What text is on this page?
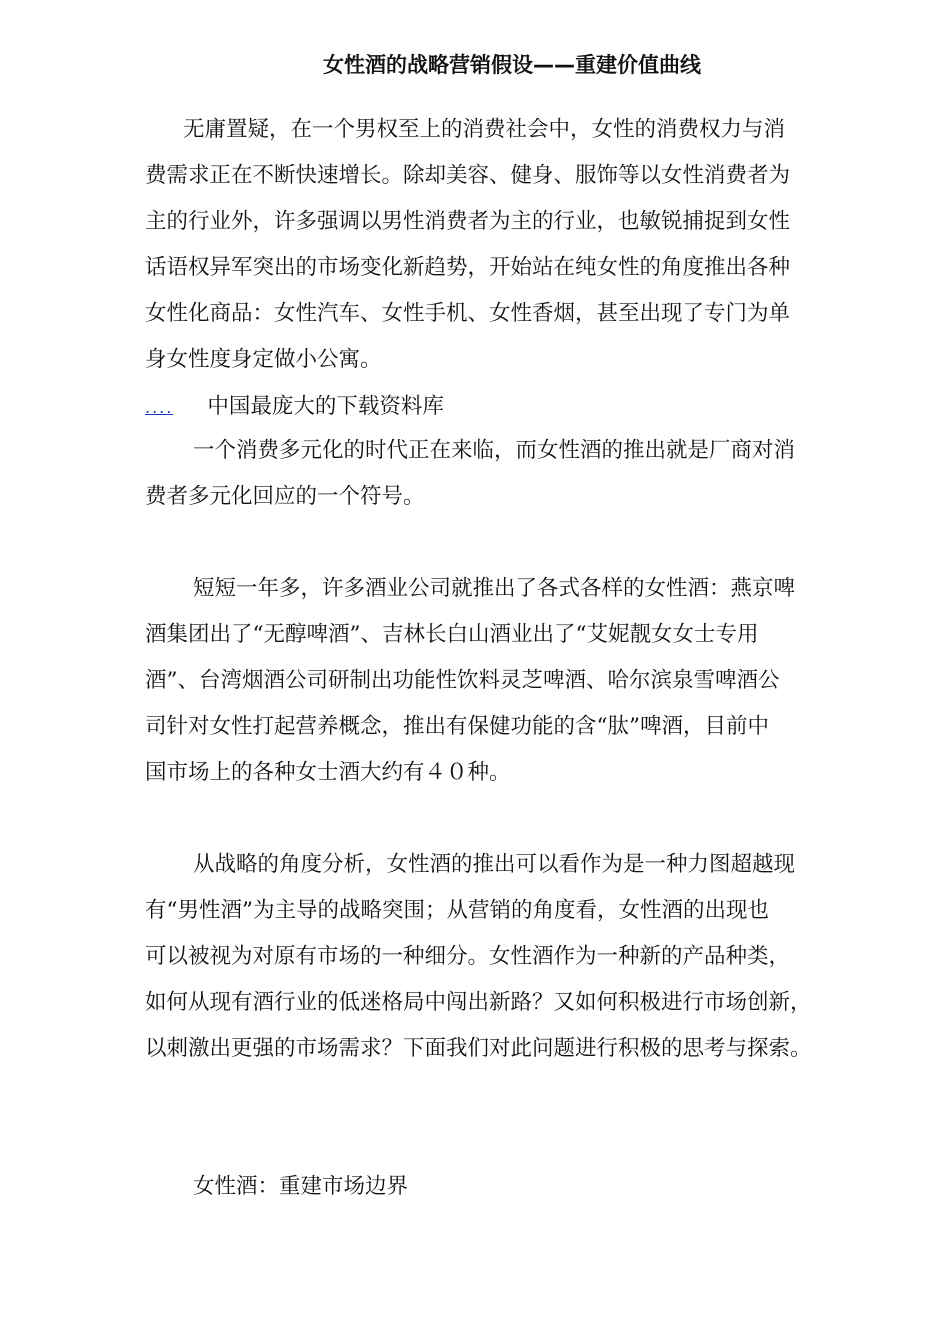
女性酒的战略营销假设——重建价值曲线
无庸置疑，在一个男权至上的消费社会中，女性的消费权力与消
费需求正在不断快速增长。除却美容、健身、服饰等以女性消费者为
主的行业外，许多强调以男性消费者为主的行业，也敏锐捕捉到女性
话语权异军突出的市场变化新趋势，开始站在纯女性的角度推出各种
女性化商品：女性汽车、女性手机、女性香烟，甚至出现了专门为单
身女性度身定做小公寓。
.... 中国最庞大的下载资料库
一个消费多元化的时代正在来临，而女性酒的推出就是厂商对消
费者多元化回应的一个符号。
短短一年多，许多酒业公司就推出了各式各样的女性酒：燕京啤
酒集团出了“无醇啤酒”、吉林长白山酒业出了“艾妮靓女女士专用
酒”、台湾烟酒公司研制出功能性饮料灵芝啤酒、哈尔滨泉雪啤酒公
司针对女性打起营养概念，推出有保健功能的含“肽”啤酒，目前中
国市场上的各种女士酒大约有４０种。
从战略的角度分析，女性酒的推出可以看作为是一种力图超越现
有“男性酒”为主导的战略突围；从营销的角度看，女性酒的出现也
可以被视为对原有市场的一种细分。女性酒作为一种新的产品种类，
如何从现有酒行业的低迷格局中闯出新路？又如何积极进行市场创新，
以刺激出更强的市场需求？下面我们对此问题进行积极的思考与探索。

女性酒：重建市场边界
